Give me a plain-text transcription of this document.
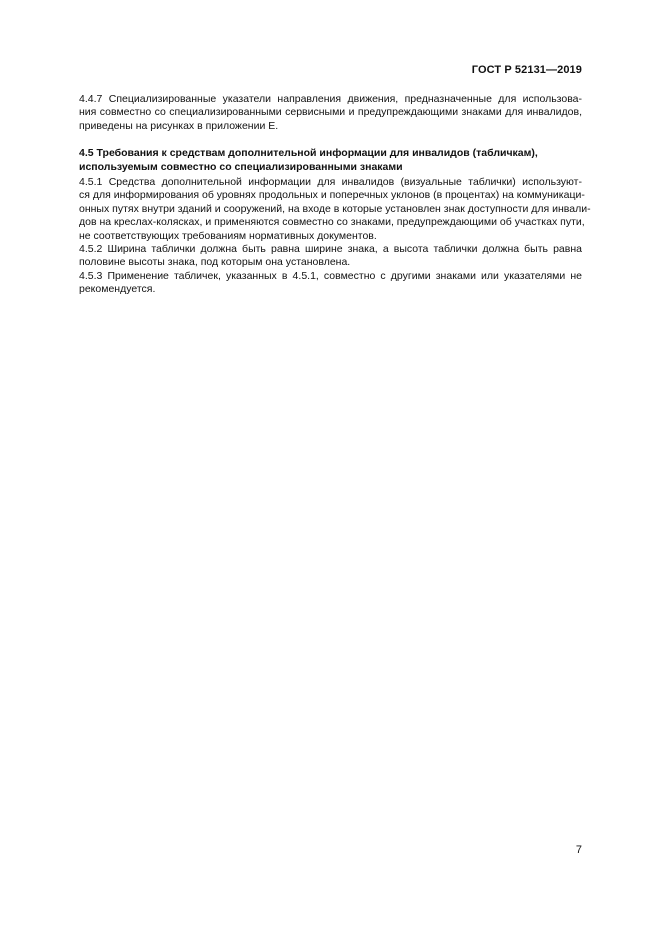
ГОСТ Р 52131—2019
4.4.7 Специализированные указатели направления движения, предназначенные для использова-
ния совместно со специализированными сервисными и предупреждающими знаками для инвалидов,
приведены на рисунках в приложении Е.
4.5 Требования к средствам дополнительной информации для инвалидов (табличкам),
используемым совместно со специализированными знаками
4.5.1 Средства дополнительной информации для инвалидов (визуальные таблички) используют-
ся для информирования об уровнях продольных и поперечных уклонов (в процентах) на коммуникаци-
онных путях внутри зданий и сооружений, на входе в которые установлен знак доступности для инвали-
дов на креслах-колясках, и применяются совместно со знаками, предупреждающими об участках пути,
не соответствующих требованиям нормативных документов.
4.5.2 Ширина таблички должна быть равна ширине знака, а высота таблички должна быть равна
половине высоты знака, под которым она установлена.
4.5.3 Применение табличек, указанных в 4.5.1, совместно с другими знаками или указателями не
рекомендуется.
7
